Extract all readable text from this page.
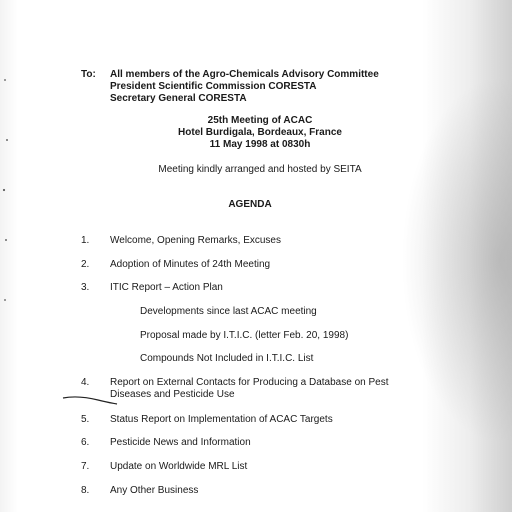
To: All members of the Agro-Chemicals Advisory Committee
President Scientific Commission CORESTA
Secretary General CORESTA
25th Meeting of ACAC
Hotel Burdigala, Bordeaux, France
11 May 1998 at 0830h
Meeting kindly arranged and hosted by SEITA
AGENDA
1. Welcome, Opening Remarks, Excuses
2. Adoption of Minutes of 24th Meeting
3. ITIC Report – Action Plan
Developments since last ACAC meeting
Proposal made by I.T.I.C. (letter Feb. 20, 1998)
Compounds Not Included in I.T.I.C. List
4. Report on External Contacts for Producing a Database on Pest
Diseases and Pesticide Use
5. Status Report on Implementation of ACAC Targets
6. Pesticide News and Information
7. Update on Worldwide MRL List
8. Any Other Business
